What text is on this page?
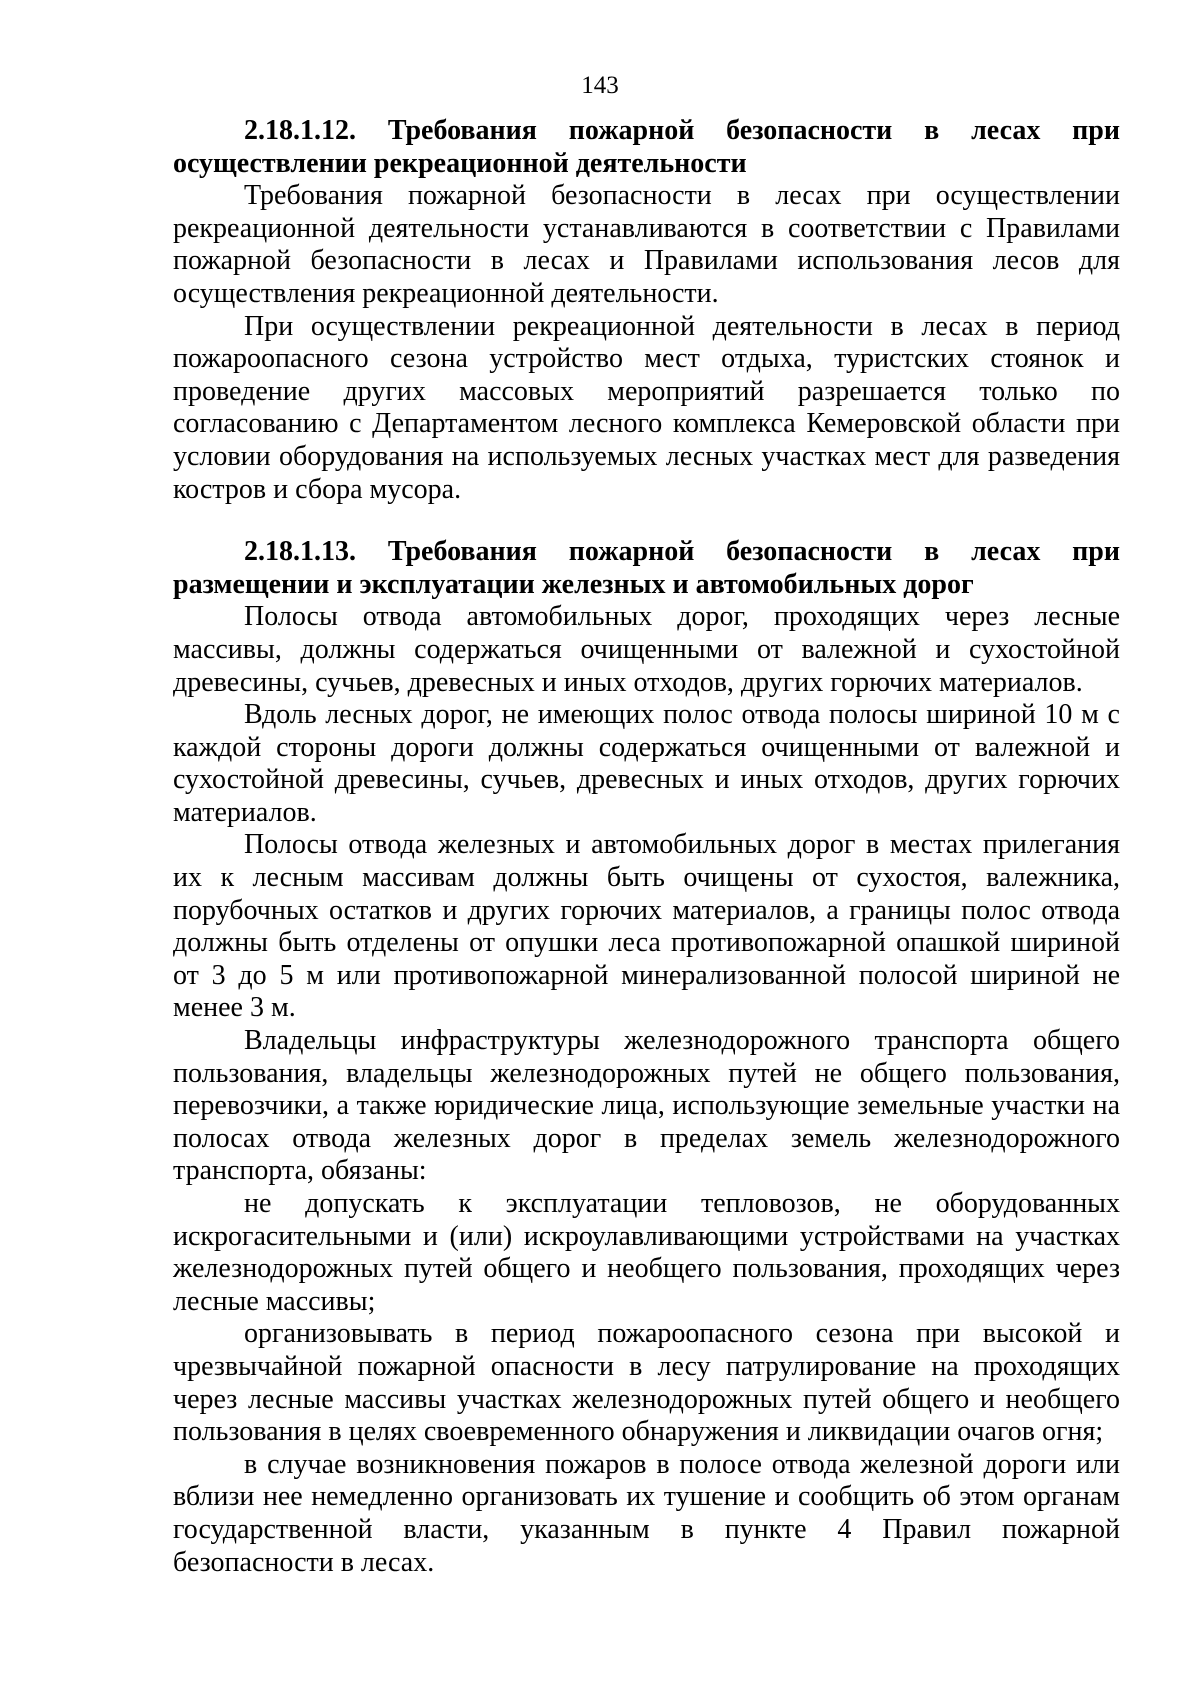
143

2.18.1.12. Требования пожарной безопасности в лесах при осуществлении рекреационной деятельности

Требования пожарной безопасности в лесах при осуществлении рекреационной деятельности устанавливаются в соответствии с Правилами пожарной безопасности в лесах и Правилами использования лесов для осуществления рекреационной деятельности.

При осуществлении рекреационной деятельности в лесах в период пожароопасного сезона устройство мест отдыха, туристских стоянок и проведение других массовых мероприятий разрешается только по согласованию с Департаментом лесного комплекса Кемеровской области при условии оборудования на используемых лесных участках мест для разведения костров и сбора мусора.

2.18.1.13. Требования пожарной безопасности в лесах при размещении и эксплуатации железных и автомобильных дорог

Полосы отвода автомобильных дорог, проходящих через лесные массивы, должны содержаться очищенными от валежной и сухостойной древесины, сучьев, древесных и иных отходов, других горючих материалов.

Вдоль лесных дорог, не имеющих полос отвода полосы шириной 10 м с каждой стороны дороги должны содержаться очищенными от валежной и сухостойной древесины, сучьев, древесных и иных отходов, других горючих материалов.

Полосы отвода железных и автомобильных дорог в местах прилегания их к лесным массивам должны быть очищены от сухостоя, валежника, порубочных остатков и других горючих материалов, а границы полос отвода должны быть отделены от опушки леса противопожарной опашкой шириной от 3 до 5 м или противопожарной минерализованной полосой шириной не менее 3 м.

Владельцы инфраструктуры железнодорожного транспорта общего пользования, владельцы железнодорожных путей не общего пользования, перевозчики, а также юридические лица, использующие земельные участки на полосах отвода железных дорог в пределах земель железнодорожного транспорта, обязаны:

не допускать к эксплуатации тепловозов, не оборудованных искрогасительными и (или) искроулавливающими устройствами на участках железнодорожных путей общего и необщего пользования, проходящих через лесные массивы;

организовывать в период пожароопасного сезона при высокой и чрезвычайной пожарной опасности в лесу патрулирование на проходящих через лесные массивы участках железнодорожных путей общего и необщего пользования в целях своевременного обнаружения и ликвидации очагов огня;

в случае возникновения пожаров в полосе отвода железной дороги или вблизи нее немедленно организовать их тушение и сообщить об этом органам государственной власти, указанным в пункте 4 Правил пожарной безопасности в лесах.
